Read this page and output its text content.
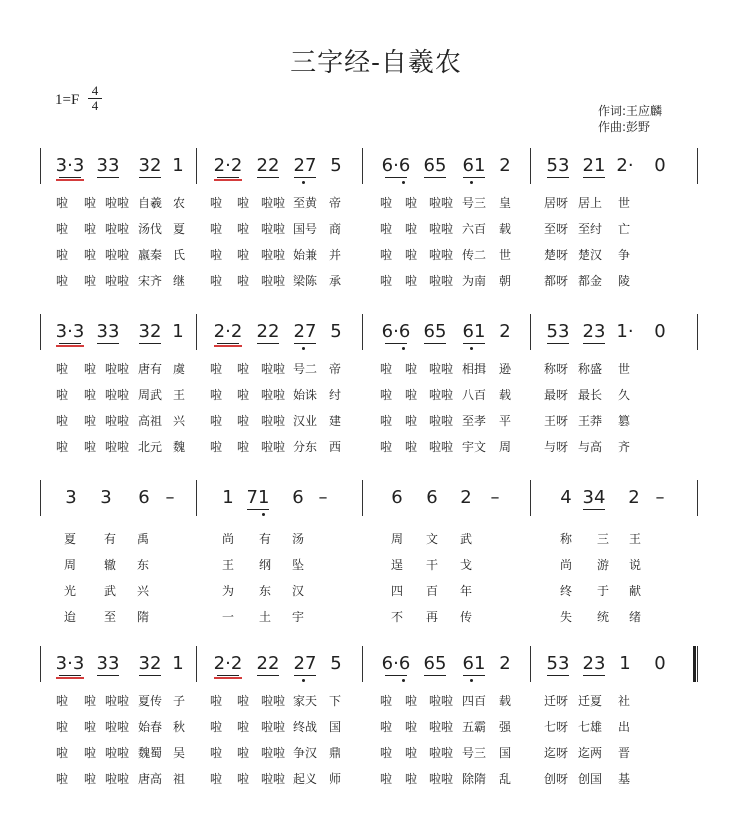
三字经-自羲农
$1=F \frac{4}{4}$	作词:王应麟
作曲:彭野
3·3 33 32 1 2·2 22 27 5 6·6 65 61 2 53 21 2· 0
啦 啦 啦啦 自羲 农 啦 啦 啦啦 至黄 帝	啦 啦 啦啦 号三 皇	居呀 居上 世
啦 啦 啦啦 汤伐 夏 啦 啦 啦啦 国号 商	啦 啦 啦啦 六百 载	至呀 至纣 亡
啦 啦 啦啦 嬴秦 氏 啦 啦 啦啦 始兼 并	啦 啦 啦啦 传二 世	楚呀 楚汉 争
啦 啦 啦啦 宋齐 继 啦 啦 啦啦 梁陈 承	啦 啦 啦啦 为南 朝	都呀 都金 陵
3·3 33 32 1 2·2 22 27 5 6·6 65 61 2 53 23 1· 0
啦 啦 啦啦 唐有 虞 啦 啦 啦啦 号二 帝	啦 啦 啦啦 相揖 逊	称呀 称盛 世
啦 啦 啦啦 周武 王 啦 啦 啦啦 始诛 纣	啦 啦 啦啦 八百 载	最呀 最长 久
啦 啦 啦啦 高祖 兴 啦 啦 啦啦 汉业 建	啦 啦 啦啦 至孝 平	王呀 王莽 篡
啦 啦 啦啦 北元 魏 啦 啦 啦啦 分东 西	啦 啦 啦啦 宇文 周	与呀 与高 齐
3 3 6 –	1 71 6 –	6 6 2 –	4 34 2 –
夏 有 禹	尚 有 汤	周 文 武	称 三 王
周 辙 东	王 纲 坠	逞 干 戈	尚 游 说
光 武 兴	为 东 汉	四 百 年	终 于 献
迨 至 隋	一 土 宇	不 再 传	失 统 绪
3·3 33 32 1 2·2 22 27 5 6·6 65 61 2 53 23 1 0
啦 啦 啦啦 夏传 子 啦 啦 啦啦 家天 下	啦 啦 啦啦 四百 载	迁呀 迁夏 社
啦 啦 啦啦 始春 秋 啦 啦 啦啦 终战 国	啦 啦 啦啦 五霸 强	七呀 七雄 出
啦 啦 啦啦 魏蜀 吴 啦 啦 啦啦 争汉 鼎	啦 啦 啦啦 号三 国	迄呀 迄两 晋
啦 啦 啦啦 唐高 祖 啦 啦 啦啦 起义 师	啦 啦 啦啦 除隋 乱	创呀 创国 基
